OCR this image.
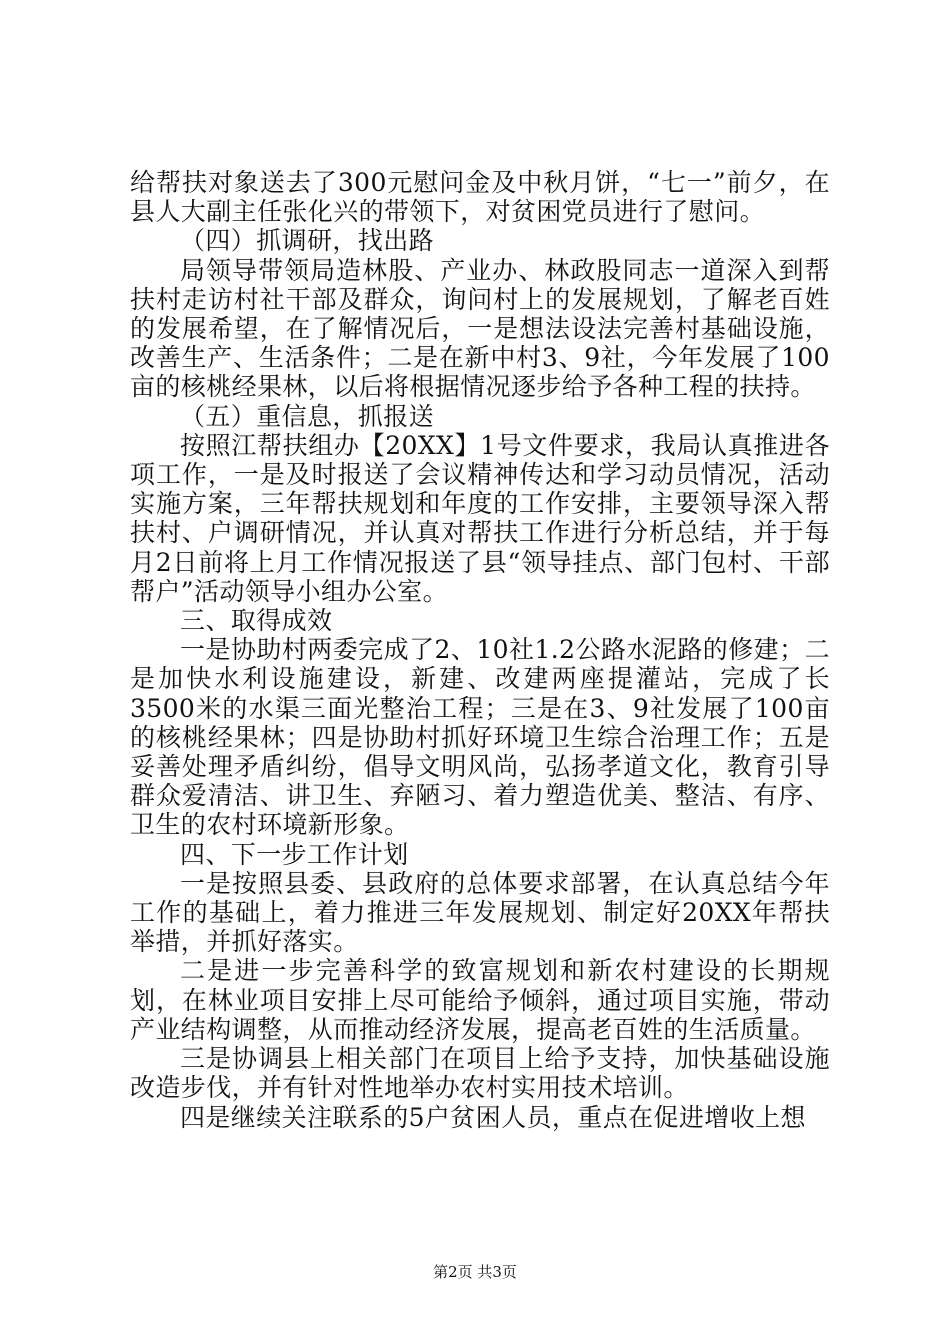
给帮扶对象送去了300元慰问金及中秋月饼，“七一”前夕，在县人大副主任张化兴的带领下，对贫困党员进行了慰问。

（四）抓调研，找出路

局领导带领局造林股、产业办、林政股同志一道深入到帮扶村走访村社干部及群众，询问村上的发展规划，了解老百姓的发展希望，在了解情况后，一是想法设法完善村基础设施，改善生产、生活条件；二是在新中村3、9社，今年发展了100亩的核桃经果林，以后将根据情况逐步给予各种工程的扶持。

（五）重信息，抓报送

按照江帮扶组办【20XX】1号文件要求，我局认真推进各项工作，一是及时报送了会议精神传达和学习动员情况，活动实施方案，三年帮扶规划和年度的工作安排，主要领导深入帮扶村、户调研情况，并认真对帮扶工作进行分析总结，并于每月2日前将上月工作情况报送了县“领导挂点、部门包村、干部帮户”活动领导小组办公室。

三、取得成效

一是协助村两委完成了2、10社1.2公路水泥路的修建；二是加快水利设施建设，新建、改建两座提灌站，完成了长3500米的水渠三面光整治工程；三是在3、9社发展了100亩的核桃经果林；四是协助村抓好环境卫生综合治理工作；五是妥善处理矛盾纠纷，倡导文明风尚，弘扬孝道文化，教育引导群众爱清洁、讲卫生、弃陋习、着力塑造优美、整洁、有序、卫生的农村环境新形象。

四、下一步工作计划

一是按照县委、县政府的总体要求部署，在认真总结今年工作的基础上，着力推进三年发展规划、制定好20XX年帮扶举措，并抓好落实。

二是进一步完善科学的致富规划和新农村建设的长期规划，在林业项目安排上尽可能给予倾斜，通过项目实施，带动产业结构调整，从而推动经济发展，提高老百姓的生活质量。

三是协调县上相关部门在项目上给予支持，加快基础设施改造步伐，并有针对性地举办农村实用技术培训。

四是继续关注联系的5户贫困人员，重点在促进增收上想

第2页 共3页
